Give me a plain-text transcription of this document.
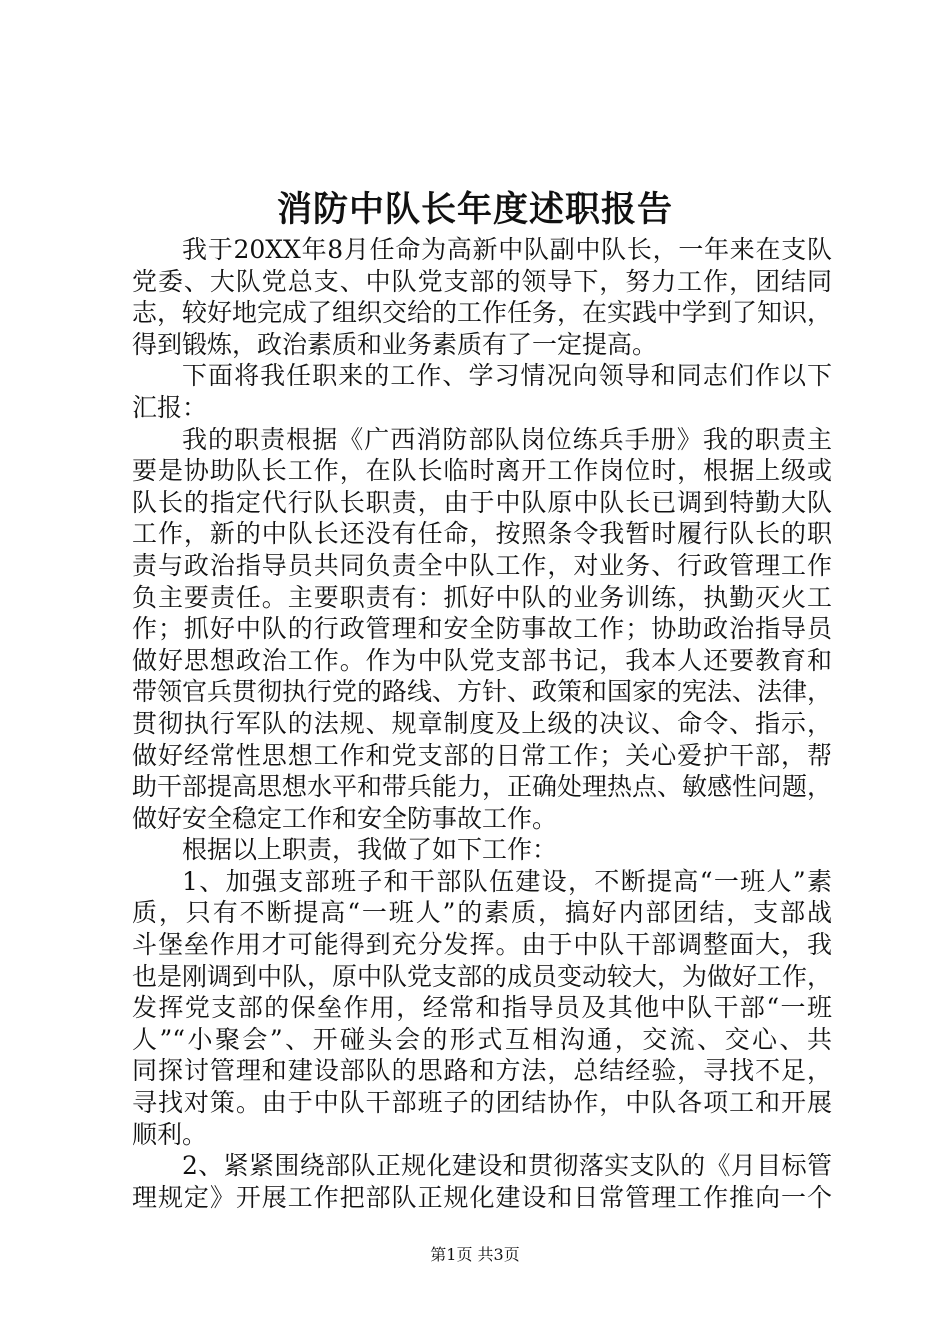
消防中队长年度述职报告
我于20XX年8月任命为高新中队副中队长，一年来在支队
党委、大队党总支、中队党支部的领导下，努力工作，团结同
志，较好地完成了组织交给的工作任务，在实践中学到了知识，
得到锻炼，政治素质和业务素质有了一定提高。
下面将我任职来的工作、学习情况向领导和同志们作以下
汇报：
我的职责根据《广西消防部队岗位练兵手册》我的职责主
要是协助队长工作，在队长临时离开工作岗位时，根据上级或
队长的指定代行队长职责，由于中队原中队长已调到特勤大队
工作，新的中队长还没有任命，按照条令我暂时履行队长的职
责与政治指导员共同负责全中队工作，对业务、行政管理工作
负主要责任。主要职责有：抓好中队的业务训练，执勤灭火工
作；抓好中队的行政管理和安全防事故工作；协助政治指导员
做好思想政治工作。作为中队党支部书记，我本人还要教育和
带领官兵贯彻执行党的路线、方针、政策和国家的宪法、法律，
贯彻执行军队的法规、规章制度及上级的决议、命令、指示，
做好经常性思想工作和党支部的日常工作；关心爱护干部，帮
助干部提高思想水平和带兵能力，正确处理热点、敏感性问题，
做好安全稳定工作和安全防事故工作。
根据以上职责，我做了如下工作：
1、加强支部班子和干部队伍建设，不断提高“一班人”素
质，只有不断提高“一班人”的素质，搞好内部团结，支部战
斗堡垒作用才可能得到充分发挥。由于中队干部调整面大，我
也是刚调到中队，原中队党支部的成员变动较大，为做好工作，
发挥党支部的保垒作用，经常和指导员及其他中队干部“一班
人”“小聚会”、开碰头会的形式互相沟通，交流、交心、共
同探讨管理和建设部队的思路和方法，总结经验，寻找不足，
寻找对策。由于中队干部班子的团结协作，中队各项工和开展
顺利。
2、紧紧围绕部队正规化建设和贯彻落实支队的《月目标管
理规定》开展工作把部队正规化建设和日常管理工作推向一个
第1页 共3页
